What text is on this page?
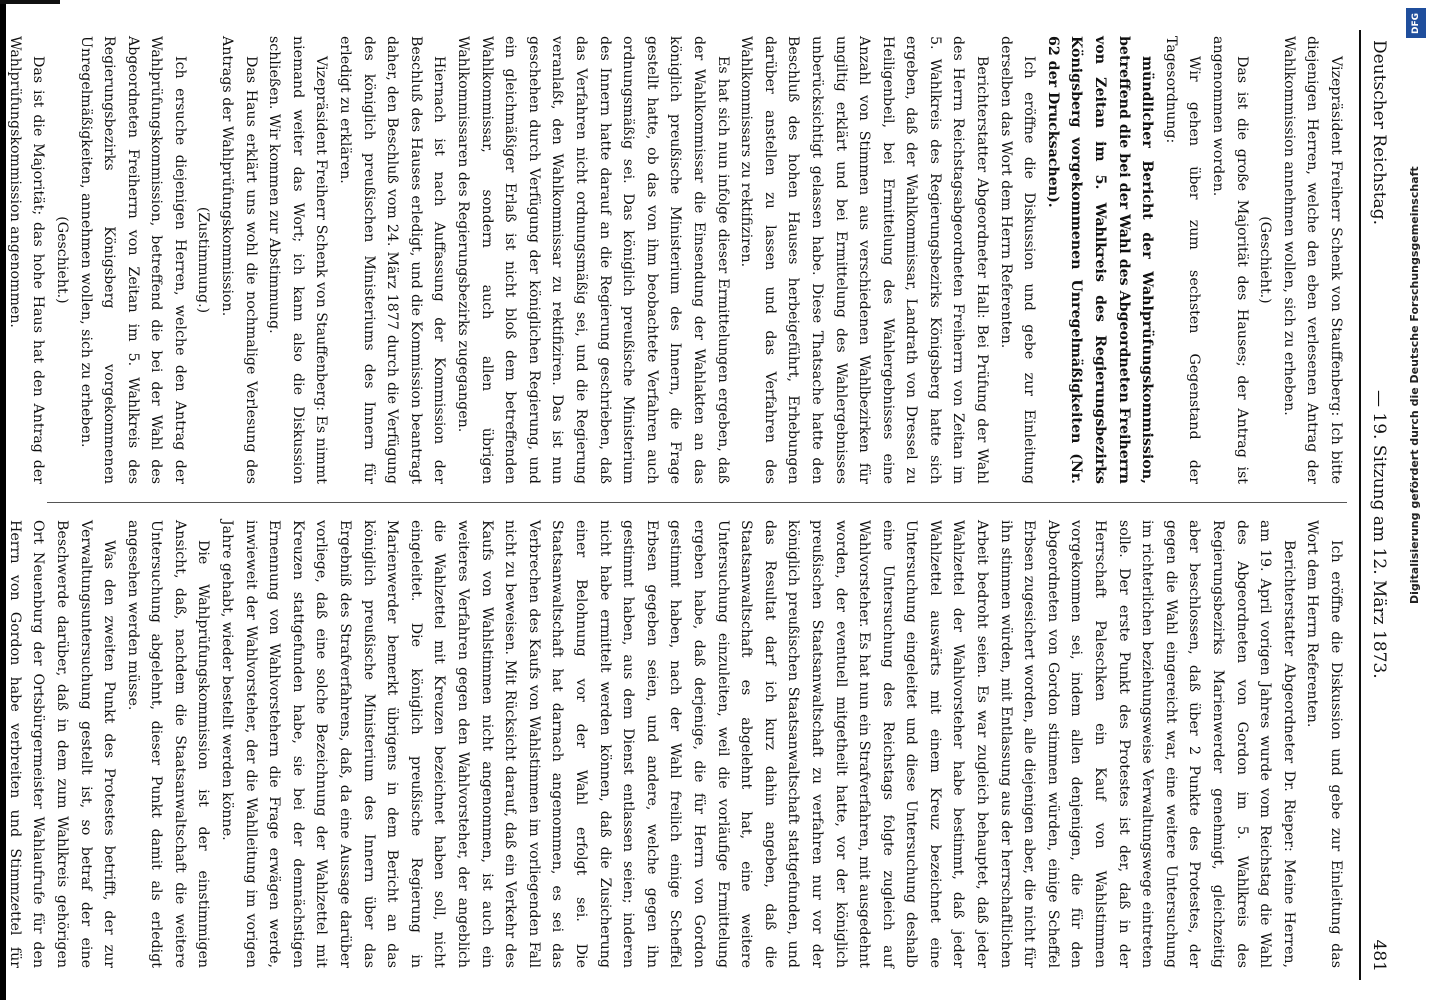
DFG
Digitalisierung gefördert durch die Deutsche Forschungsgemeinschaft
Deutscher Reichstag.
— 19. Sitzung am 12. März 1873.
481

Vizepräsident Freiherr Schenk von Stauffenberg: Ich bitte diejenigen Herren, welche den eben verlesenen Antrag der Wahlkommission annehmen wollen, sich zu erheben.

(Geschieht.)

Das ist die große Majorität des Hauses; der Antrag ist angenommen worden.

Wir gehen über zum sechsten Gegenstand der Tagesordnung:

mündlicher Bericht der Wahlprüfungskommission, betreffend die bei der Wahl des Abgeordneten Freiherrn von Zeitan im 5. Wahlkreis des Regierungsbezirks Königsberg vorgekommenen Unregelmäßigkeiten (Nr. 62 der Drucksachen).

Ich eröffne die Diskussion und gebe zur Einleitung derselben das Wort dem Herrn Referenten.

Berichterstatter Abgeordneter Hall: Bei Prüfung der Wahl des Herrn Reichstagsabgeordneten Freiherrn von Zeitan im 5. Wahlkreis des Regierungsbezirks Königsberg hatte sich ergeben, daß der Wahlkommissar, Landrath von Dressel zu Heiligenbeil, bei Ermittelung des Wahlergebnisses eine Anzahl von Stimmen aus verschiedenen Wahlbezirken für ungiltig erklärt und bei Ermittelung des Wahlergebnisses unberücksichtigt gelassen habe. Diese Thatsache hatte den Beschluß des hohen Hauses herbeigeführt, Erhebungen darüber anstellen zu lassen und das Verfahren des Wahlkommissars zu rektifiziren.

Es hat sich nun infolge dieser Ermittelungen ergeben, daß der Wahlkommissar die Einsendung der Wahlakten an das königlich preußische Ministerium des Innern, die Frage gestellt hatte, ob das von ihm beobachtete Verfahren auch ordnungsmäßig sei. Das königlich preußische Ministerium des Innern hatte darauf an die Regierung geschrieben, daß das Verfahren nicht ordnungsmäßig sei, und die Regierung veranlaßt, den Wahlkommissar zu rektifiziren. Das ist nun geschehen durch Verfügung der königlichen Regierung, und ein gleichmäßiger Erlaß ist nicht bloß dem betreffenden Wahlkommissar, sondern auch allen übrigen Wahlkommissaren des Regierungsbezirks zugegangen.

Hiernach ist nach Auffassung der Kommission der Beschluß des Hauses erledigt, und die Kommission beantragt daher, den Beschluß vom 24. März 1877 durch die Verfügung des königlich preußischen Ministeriums des Innern für erledigt zu erklären.

Vizepräsident Freiherr Schenk von Stauffenberg: Es nimmt niemand weiter das Wort; ich kann also die Diskussion schließen. Wir kommen zur Abstimmung.

Das Haus erklärt uns wohl die nochmalige Verlesung des Antrags der Wahlprüfungskommission.

(Zustimmung.)

Ich ersuche diejenigen Herren, welche den Antrag der Wahlprüfungskommission, betreffend die bei der Wahl des Abgeordneten Freiherrn von Zeitan im 5. Wahlkreis des Regierungsbezirks Königsberg vorgekommenen Unregelmäßigkeiten, annehmen wollen, sich zu erheben.

(Geschieht.)

Das ist die Majorität; das hohe Haus hat den Antrag der Wahlprüfungskommission angenommen.

Ich eröffne die Diskussion und gebe zur Einleitung das Wort dem Herrn Referenten.

Berichterstatter Abgeordneter Dr. Rieper: Meine Herren, am 19. April vorigen Jahres wurde vom Reichstag die Wahl des Abgeordneten von Gordon im 5. Wahlkreis des Regierungsbezirks Marienwerder genehmigt, gleichzeitig aber beschlossen, daß über 2 Punkte des Protestes, der gegen die Wahl eingereicht war, eine weitere Untersuchung im richterlichen beziehungsweise Verwaltungswege eintreten solle. Der erste Punkt des Protestes ist der, daß in der Herrschaft Paleschken ein Kauf von Wahlstimmen vorgekommen sei, indem allen denjenigen, die für den Abgeordneten von Gordon stimmen würden, einige Scheffel Erbsen zugesichert worden, alle diejenigen aber, die nicht für ihn stimmen würden, mit Entlassung aus der herrschaftlichen Arbeit bedroht seien. Es war zugleich behauptet, daß jeder Wahlzettel der Wahlvorsteher habe bestimmt, daß jeder Wahlzettel auswärts mit einem Kreuz bezeichnet eine Untersuchung eingeleitet und diese Untersuchung deshalb eine Untersuchung des Reichstags folgte zugleich auf Wahlvorsteher. Es hat nun ein Strafverfahren, mit ausgedehnt worden, der eventuell mitgetheilt hatte, vor der königlich preußischen Staatsanwaltschaft zu verfahren nur vor der königlich preußischen Staatsanwaltschaft stattgefunden, und das Resultat darf ich kurz dahin angeben, daß die Staatsanwaltschaft es abgelehnt hat, eine weitere Untersuchung einzuleiten, weil die vorläufige Ermittelung ergeben habe, daß derjenige, die für Herrn von Gordon gestimmt haben, nach der Wahl freilich einige Scheffel Erbsen gegeben seien, und andere, welche gegen ihn gestimmt haben, aus dem Dienst entlassen seien; inderen nicht habe ermittelt werden können, daß die Zusicherung einer Belohnung vor der Wahl erfolgt sei. Die Staatsanwaltschaft hat darnach angenommen, es sei das Verbrechen des Kaufs von Wahlstimmen im vorliegenden Fall nicht zu beweisen. Mit Rücksicht darauf, daß ein Verkehr des Kaufs von Wahlstimmen nicht angenommen, ist auch ein weiteres Verfahren gegen den Wahlvorsteher, der angeblich die Wahlzettel mit Kreuzen bezeichnet haben soll, nicht eingeleitet. Die königlich preußische Regierung in Marienwerder bemerkt übrigens in dem Bericht an das königlich preußische Ministerium des Innern über das Ergebniß des Strafverfahrens, daß, da eine Aussage darüber vorliege, daß eine solche Bezeichnung der Wahlzettel mit Kreuzen stattgefunden habe, sie bei der demnächstigen Ernennung von Wahlvorstehern die Frage erwägen werde, inwieweit der Wahlvorsteher, der die Wahlleitung im vorigen Jahre gehabt, wieder bestellt werden könne.

Die Wahlprüfungskommission ist der einstimmigen Ansicht, daß, nachdem die Staatsanwaltschaft die weitere Untersuchung abgelehnt, dieser Punkt damit als erledigt angesehen werden müsse.

Was den zweiten Punkt des Protestes betrifft, der zur Verwaltungsuntersuchung gestellt ist, so betraf der eine Beschwerde darüber, daß in dem zum Wahlkreis gehörigen Ort Neuenburg der Ortsbürgermeister Wahlaufrufe für den Herrn von Gordon habe verbreiten und Stimmzettel für
